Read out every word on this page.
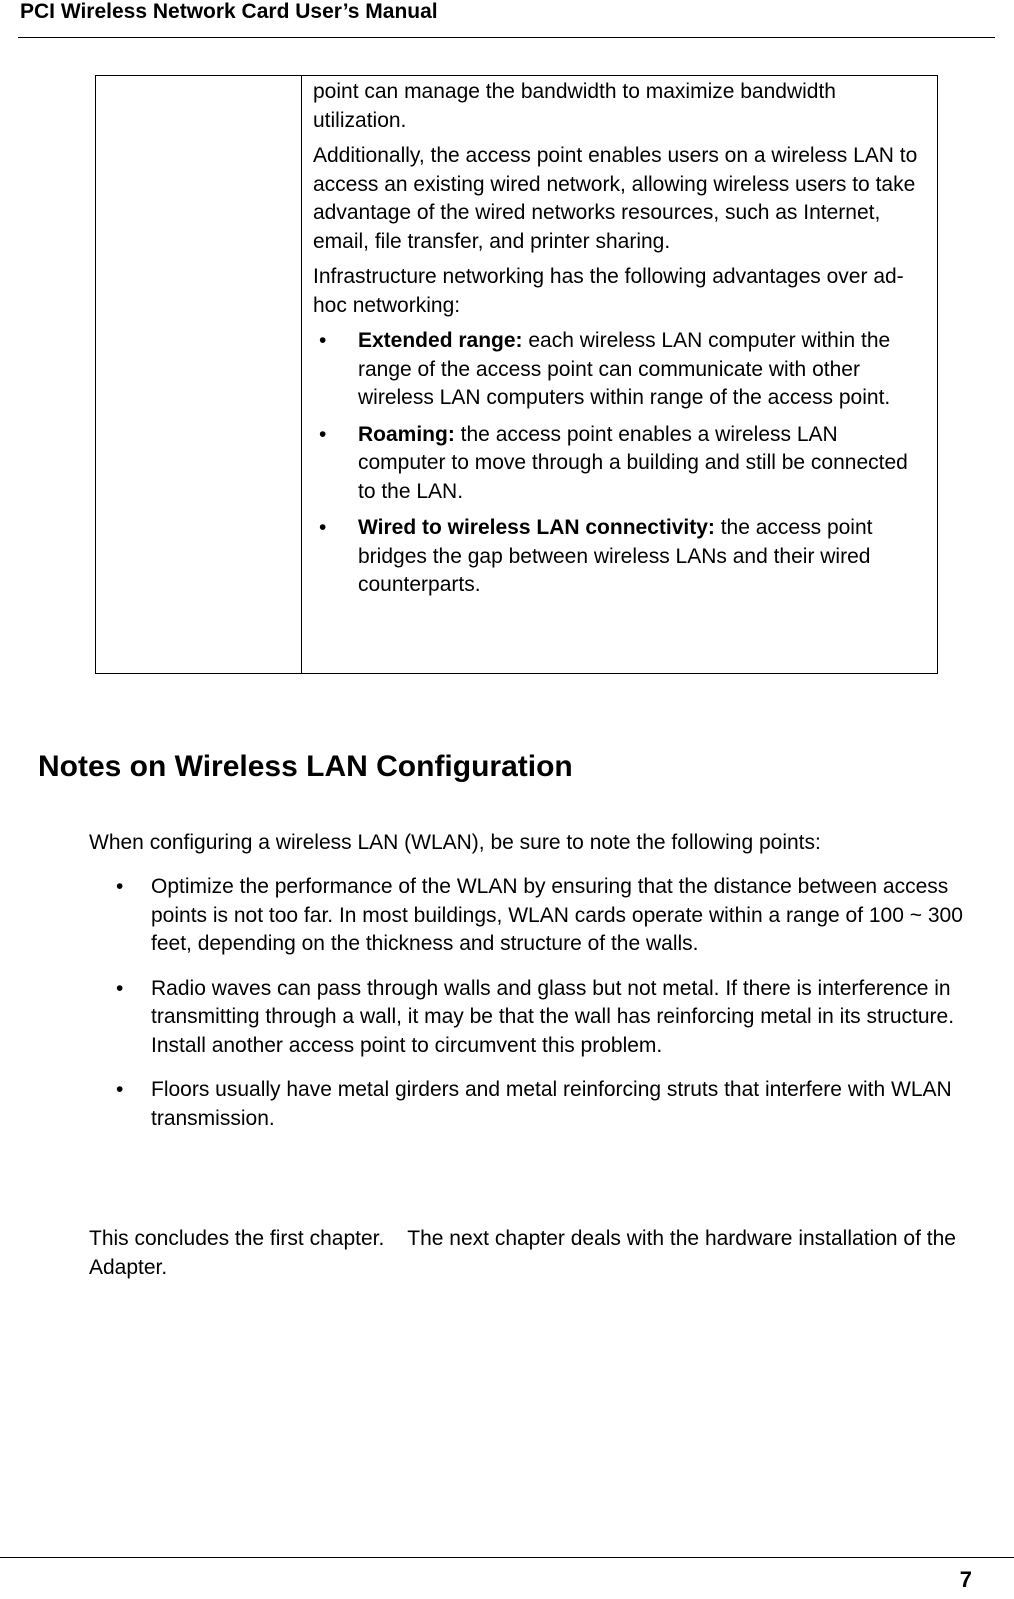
PCI Wireless Network Card User’s Manual

point can manage the bandwidth to maximize bandwidth utilization.

Additionally, the access point enables users on a wireless LAN to access an existing wired network, allowing wireless users to take advantage of the wired networks resources, such as Internet, email, file transfer, and printer sharing.

Infrastructure networking has the following advantages over ad-hoc networking:

• Extended range: each wireless LAN computer within the range of the access point can communicate with other wireless LAN computers within range of the access point.
• Roaming: the access point enables a wireless LAN computer to move through a building and still be connected to the LAN.
• Wired to wireless LAN connectivity: the access point bridges the gap between wireless LANs and their wired counterparts.
Notes on Wireless LAN Configuration
When configuring a wireless LAN (WLAN), be sure to note the following points:
• Optimize the performance of the WLAN by ensuring that the distance between access points is not too far. In most buildings, WLAN cards operate within a range of 100 ~ 300 feet, depending on the thickness and structure of the walls.
• Radio waves can pass through walls and glass but not metal. If there is interference in transmitting through a wall, it may be that the wall has reinforcing metal in its structure. Install another access point to circumvent this problem.
• Floors usually have metal girders and metal reinforcing struts that interfere with WLAN transmission.
This concludes the first chapter.    The next chapter deals with the hardware installation of the Adapter.
7
